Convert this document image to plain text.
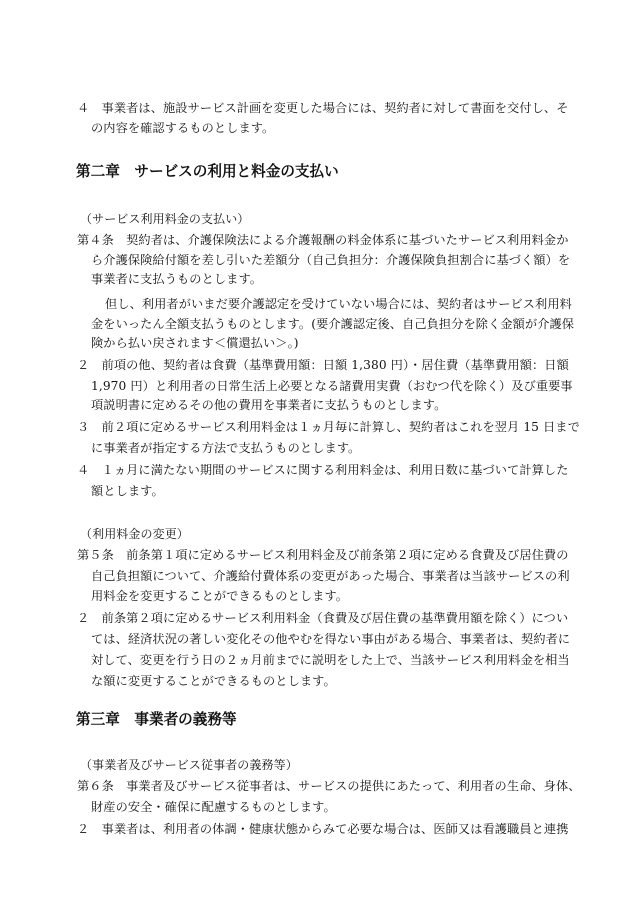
４　事業者は、施設サービス計画を変更した場合には、契約者に対して書面を交付し、そ
の内容を確認するものとします。
第二章　サービスの利用と料金の支払い
（サービス利用料金の支払い）
第４条　契約者は、介護保険法による介護報酬の料金体系に基づいたサービス利用料金か
ら介護保険給付額を差し引いた差額分（自己負担分：介護保険負担割合に基づく額）を
事業者に支払うものとします。
但し、利用者がいまだ要介護認定を受けていない場合には、契約者はサービス利用料
金をいったん全額支払うものとします。(要介護認定後、自己負担分を除く金額が介護保
険から払い戻されます＜償還払い＞。)
２　前項の他、契約者は食費（基準費用額：日額 1,380 円）・居住費（基準費用額：日額
1,970 円）と利用者の日常生活上必要となる諸費用実費（おむつ代を除く）及び重要事
項説明書に定めるその他の費用を事業者に支払うものとします。
３　前２項に定めるサービス利用料金は１ヵ月毎に計算し、契約者はこれを翌月 15 日まで
に事業者が指定する方法で支払うものとします。
４　１ヵ月に満たない期間のサービスに関する利用料金は、利用日数に基づいて計算した
額とします。
（利用料金の変更）
第５条　前条第１項に定めるサービス利用料金及び前条第２項に定める食費及び居住費の
自己負担額について、介護給付費体系の変更があった場合、事業者は当該サービスの利
用料金を変更することができるものとします。
２　前条第２項に定めるサービス利用料金（食費及び居住費の基準費用額を除く）につい
ては、経済状況の著しい変化その他やむを得ない事由がある場合、事業者は、契約者に
対して、変更を行う日の２ヵ月前までに説明をした上で、当該サービス利用料金を相当
な額に変更することができるものとします。
第三章　事業者の義務等
（事業者及びサービス従事者の義務等）
第６条　事業者及びサービス従事者は、サービスの提供にあたって、利用者の生命、身体、
財産の安全・確保に配慮するものとします。
２　事業者は、利用者の体調・健康状態からみて必要な場合は、医師又は看護職員と連携
